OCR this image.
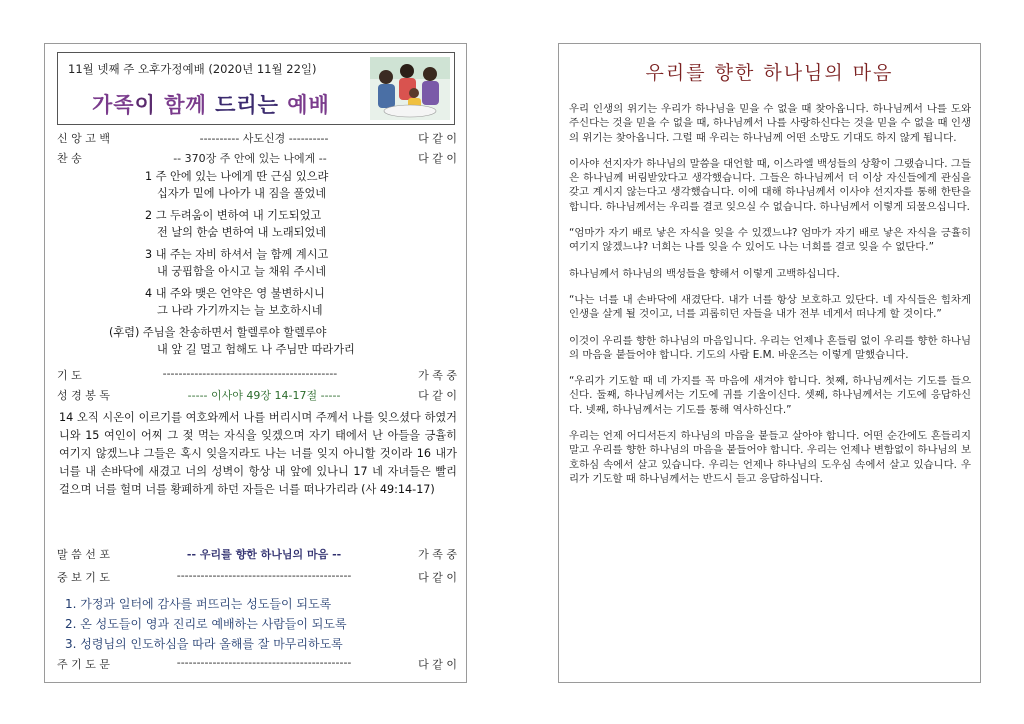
11월 넷째 주 오후가정예배 (2020년 11월 22일)
가족이 함께 드리는 예배
신 앙 고 백	---------- 사도신경 ----------	다 같 이
찬 송	-- 370장 주 안에 있는 나에게 --	다 같 이
1 주 안에 있는 나에게 딴 근심 있으랴
십자가 밑에 나아가 내 짐을 풀었네
2 그 두려움이 변하여 내 기도되었고
전 날의 한숨 변하여 내 노래되었네
3 내 주는 자비 하셔서 늘 함께 계시고
내 궁핍함을 아시고 늘 채워 주시네
4 내 주와 맺은 언약은 영 불변하시니
그 나라 가기까지는 늘 보호하시네
(후렴) 주님을 찬송하면서 할렐루야 할렐루야
내 앞 길 멀고 험해도 나 주님만 따라가리
기 도	--------------------------------------------	가 족 중
성 경 봉 독	----- 이사야 49장 14-17절 -----	다 같 이
14 오직 시온이 이르기를 여호와께서 나를 버리시며 주께서 나를 잊으셨다 하였거니와 15 여인이 어찌 그 젖 먹는 자식을 잊겠으며 자기 태에서 난 아들을 긍휼히 여기지 않겠느냐 그들은 혹시 잊을지라도 나는 너를 잊지 아니할 것이라 16 내가 너를 내 손바닥에 새겼고 너의 성벽이 항상 내 앞에 있나니 17 네 자녀들은 빨리 걸으며 너를 헐며 너를 황폐하게 하던 자들은 너를 떠나가리라 (사 49:14-17)
말 씀 선 포	-- 우리를 향한 하나님의 마음 --	가 족 중
중 보 기 도	--------------------------------------------	다 같 이
1. 가정과 일터에 감사를 퍼뜨리는 성도들이 되도록
2. 온 성도들이 영과 진리로 예배하는 사람들이 되도록
3. 성령님의 인도하심을 따라 올해를 잘 마무리하도록
주 기 도 문	--------------------------------------------	다 같 이
우리를 향한 하나님의 마음

우리 인생의 위기는 우리가 하나님을 믿을 수 없을 때 찾아옵니다. 하나님께서 나를 도와주신다는 것을 믿을 수 없을 때, 하나님께서 나를 사랑하신다는 것을 믿을 수 없을 때 인생의 위기는 찾아옵니다. 그럴 때 우리는 하나님께 어떤 소망도 기대도 하지 않게 됩니다.

이사야 선지자가 하나님의 말씀을 대언할 때, 이스라엘 백성들의 상황이 그랬습니다. 그들은 하나님께 버림받았다고 생각했습니다. 그들은 하나님께서 더 이상 자신들에게 관심을 갖고 계시지 않는다고 생각했습니다. 이에 대해 하나님께서 이사야 선지자를 통해 한탄을 합니다. 하나님께서는 우리를 결코 잊으실 수 없습니다. 하나님께서 이렇게 되물으십니다.

“엄마가 자기 배로 낳은 자식을 잊을 수 있겠느냐? 엄마가 자기 배로 낳은 자식을 긍휼히 여기지 않겠느냐? 너희는 나를 잊을 수 있어도 나는 너희를 결코 잊을 수 없단다.”

하나님께서 하나님의 백성들을 향해서 이렇게 고백하십니다.

“나는 너를 내 손바닥에 새겼단다. 내가 너를 항상 보호하고 있단다. 네 자식들은 힘차게 인생을 살게 될 것이고, 너를 괴롭히던 자들을 내가 전부 네게서 떠나게 할 것이다.”

이것이 우리를 향한 하나님의 마음입니다. 우리는 언제나 흔들림 없이 우리를 향한 하나님의 마음을 붙들어야 합니다. 기도의 사람 E.M. 바운즈는 이렇게 말했습니다.

“우리가 기도할 때 네 가지를 꼭 마음에 새겨야 합니다. 첫째, 하나님께서는 기도를 들으신다. 둘째, 하나님께서는 기도에 귀를 기울이신다. 셋째, 하나님께서는 기도에 응답하신다. 넷째, 하나님께서는 기도를 통해 역사하신다.”

우리는 언제 어디서든지 하나님의 마음을 붙들고 살아야 합니다. 어떤 순간에도 흔들리지 말고 우리를 향한 하나님의 마음을 붙들어야 합니다. 우리는 언제나 변함없이 하나님의 보호하심 속에서 살고 있습니다. 우리는 언제나 하나님의 도우심 속에서 살고 있습니다. 우리가 기도할 때 하나님께서는 반드시 듣고 응답하십니다.
